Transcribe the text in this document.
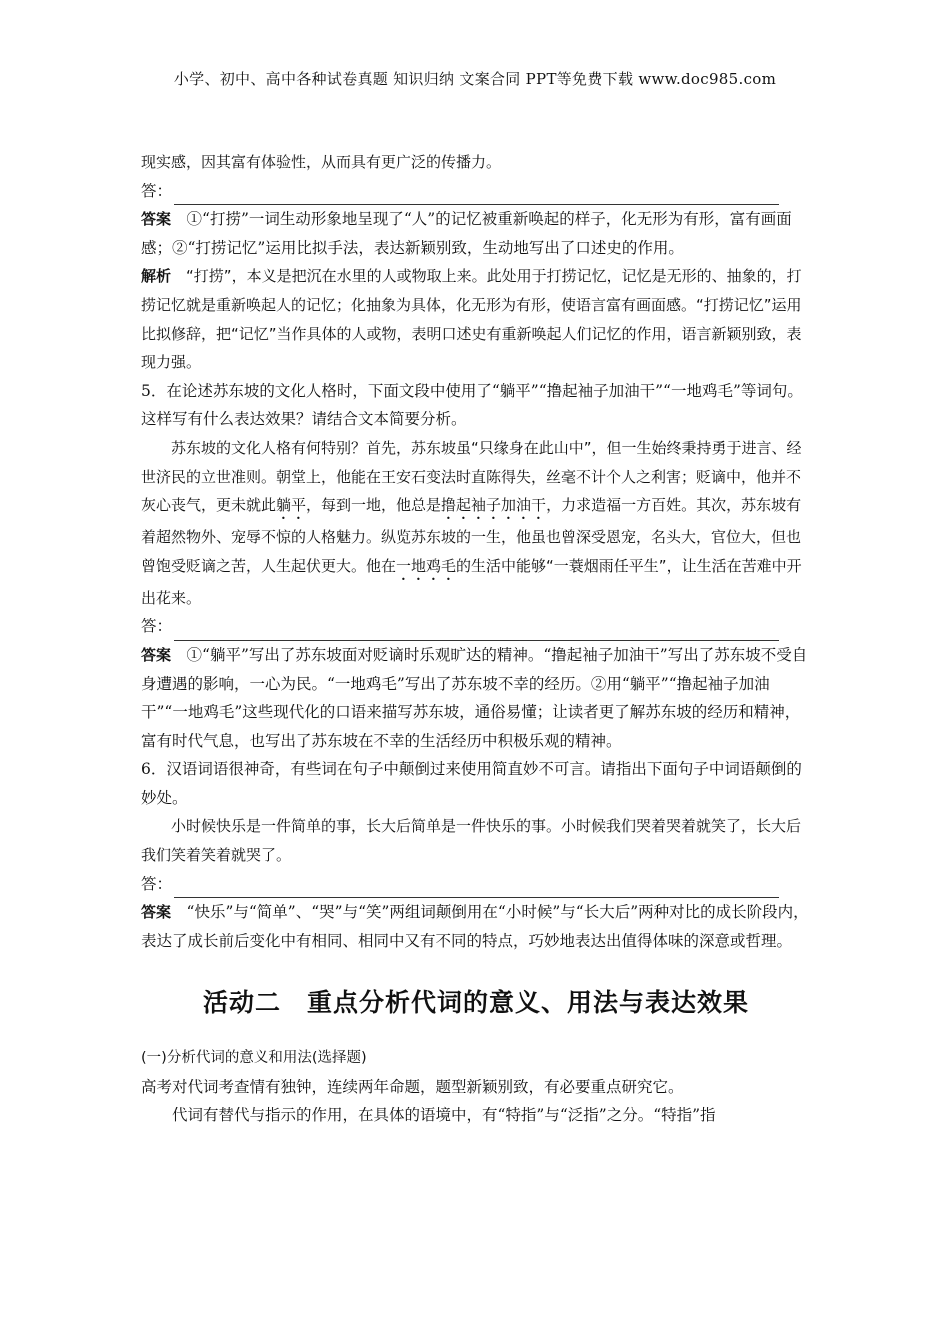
小学、初中、高中各种试卷真题 知识归纳 文案合同 PPT等免费下载 www.doc985.com

现实感，因其富有体验性，从而具有更广泛的传播力。

答：

答案　 ①“打捞”一词生动形象地呈现了“人”的记忆被重新唤起的样子，化无形为有形，富有画面感；②“打捞记忆”运用比拟手法，表达新颖别致，生动地写出了口述史的作用。

解析　 “打捞”，本义是把沉在水里的人或物取上来。此处用于打捞记忆，记忆是无形的、抽象的，打捞记忆就是重新唤起人的记忆；化抽象为具体，化无形为有形，使语言富有画面感。“打捞记忆”运用比拟修辞，把“记忆”当作具体的人或物，表明口述史有重新唤起人们记忆的作用，语言新颖别致，表现力强。

5．在论述苏东坡的文化人格时，下面文段中使用了“躺平”“撸起袖子加油干”“一地鸡毛”等词句。这样写有什么表达效果？请结合文本简要分析。

苏东坡的文化人格有何特别？首先，苏东坡虽“只缘身在此山中”，但一生始终秉持勇于进言、经世济民的立世准则。朝堂上，他能在王安石变法时直陈得失，丝毫不计个人之利害；贬谪中，他并不灰心丧气，更未就此躺平，每到一地，他总是撸起袖子加油干，力求造福一方百姓。其次，苏东坡有着超然物外、宠辱不惊的人格魅力。纵览苏东坡的一生，他虽也曾深受恩宠，名头大，官位大，但也曾饱受贬谪之苦，人生起伏更大。他在一地鸡毛的生活中能够“一蓑烟雨任平生”，让生活在苦难中开出花来。

答：

答案　 ①“躺平”写出了苏东坡面对贬谪时乐观旷达的精神。“撸起袖子加油干”写出了苏东坡不受自身遭遇的影响，一心为民。“一地鸡毛”写出了苏东坡不幸的经历。②用“躺平”“撸起袖子加油干”“一地鸡毛”这些现代化的口语来描写苏东坡，通俗易懂；让读者更了解苏东坡的经历和精神，富有时代气息，也写出了苏东坡在不幸的生活经历中积极乐观的精神。

6．汉语词语很神奇，有些词在句子中颠倒过来使用简直妙不可言。请指出下面句子中词语颠倒的妙处。

小时候快乐是一件简单的事，长大后简单是一件快乐的事。小时候我们哭着哭着就笑了，长大后我们笑着笑着就哭了。

答：

答案　 “快乐”与“简单”、“哭”与“笑”两组词颠倒用在“小时候”与“长大后”两种对比的成长阶段内，表达了成长前后变化中有相同、相同中又有不同的特点，巧妙地表达出值得体味的深意或哲理。

活动二　重点分析代词的意义、用法与表达效果

(一)分析代词的意义和用法(选择题)

高考对代词考查情有独钟，连续两年命题，题型新颖别致，有必要重点研究它。

代词有替代与指示的作用，在具体的语境中，有“特指”与“泛指”之分。“特指”指
